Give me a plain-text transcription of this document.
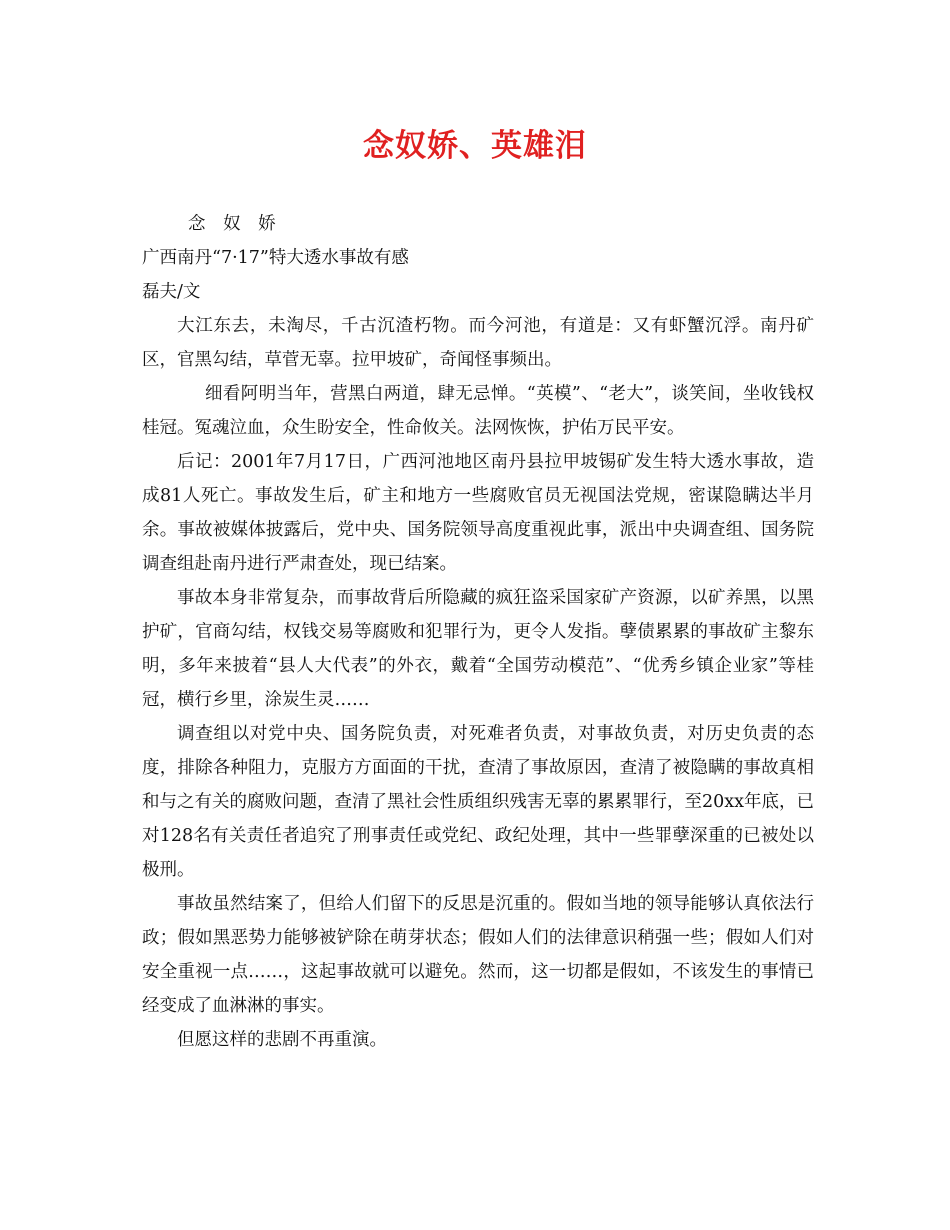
念奴娇、英雄泪
念 奴 娇
广西南丹“7·17”特大透水事故有感
磊夫/文

大江东去，未淘尽，千古沉渣朽物。而今河池，有道是：又有虾蟹沉浮。南丹矿区，官黑勾结，草菅无辜。拉甲坡矿，奇闻怪事频出。

细看阿明当年，营黑白两道，肆无忌惮。“英模”、“老大”，谈笑间，坐收钱权桂冠。冤魂泣血，众生盼安全，性命攸关。法网恢恢，护佑万民平安。

后记：2001年7月17日，广西河池地区南丹县拉甲坡锡矿发生特大透水事故，造成81人死亡。事故发生后，矿主和地方一些腐败官员无视国法党规，密谋隐瞒达半月余。事故被媒体披露后，党中央、国务院领导高度重视此事，派出中央调查组、国务院调查组赴南丹进行严肃查处，现已结案。

事故本身非常复杂，而事故背后所隐藏的疯狂盗采国家矿产资源，以矿养黑，以黑护矿，官商勾结，权钱交易等腐败和犯罪行为，更令人发指。孽债累累的事故矿主黎东明，多年来披着“县人大代表”的外衣，戴着“全国劳动模范”、“优秀乡镇企业家”等桂冠，横行乡里，涂炭生灵……

调查组以对党中央、国务院负责，对死难者负责，对事故负责，对历史负责的态度，排除各种阻力，克服方方面面的干扰，查清了事故原因，查清了被隐瞒的事故真相和与之有关的腐败问题，查清了黑社会性质组织残害无辜的累累罪行，至20xx年底，已对128名有关责任者追究了刑事责任或党纪、政纪处理，其中一些罪孽深重的已被处以极刑。

事故虽然结案了，但给人们留下的反思是沉重的。假如当地的领导能够认真依法行政；假如黑恶势力能够被铲除在萌芽状态；假如人们的法律意识稍强一些；假如人们对安全重视一点……，这起事故就可以避免。然而，这一切都是假如，不该发生的事情已经变成了血淋淋的事实。

但愿这样的悲剧不再重演。
